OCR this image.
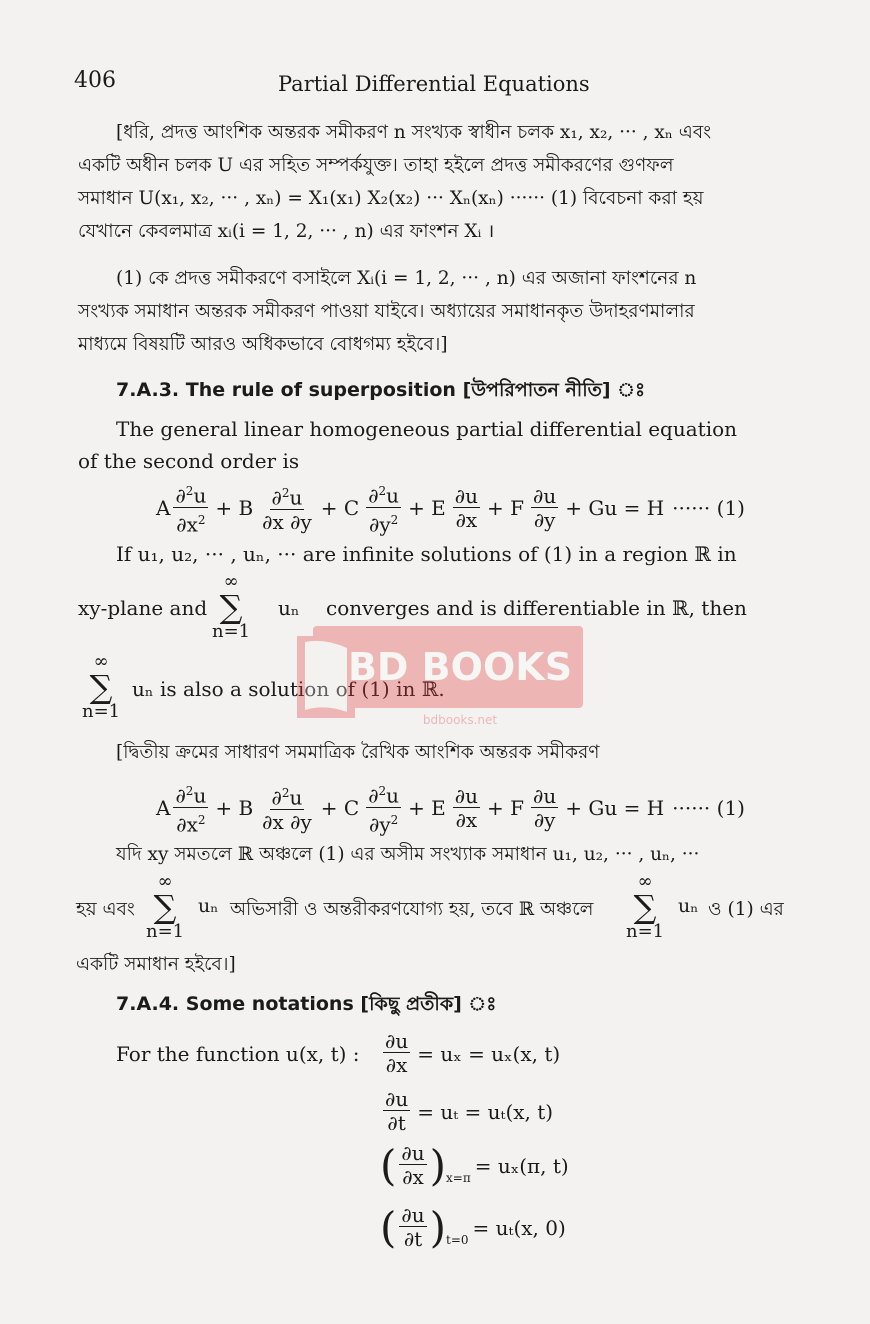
406	Partial Differential Equations

[ধরি, প্রদত্ত আংশিক অন্তরক সমীকরণ n সংখ্যক স্বাধীন চলক x₁, x₂, ··· , xₙ এবং

একটি অধীন চলক U এর সহিত সম্পর্কযুক্ত। তাহা হইলে প্রদত্ত সমীকরণের গুণফল

সমাধান U(x₁, x₂, ··· , xₙ) = X₁(x₁) X₂(x₂) ··· Xₙ(xₙ) ······ (1) বিবেচনা করা হয়

যেখানে কেবলমাত্র xᵢ(i = 1, 2, ··· , n) এর ফাংশন Xᵢ ।

(1) কে প্রদত্ত সমীকরণে বসাইলে Xᵢ(i = 1, 2, ··· , n) এর অজানা ফাংশনের n

সংখ্যক সমাধান অন্তরক সমীকরণ পাওয়া যাইবে। অধ্যায়ের সমাধানকৃত উদাহরণমালার

মাধ্যমে বিষয়টি আরও অধিকভাবে বোধগম্য হইবে।]

7.A.3. The rule of superposition [উপরিপাতন নীতি] ঃ

The general linear homogeneous partial differential equation

of the second order is

A $\frac{\partial^2u}{\partial x^2} + B \frac{\partial^2u}{\partial x \partial y} + C \frac{\partial^2u}{\partial y^2} + E \frac{\partial u}{\partial x} + F \frac{\partial u}{\partial y} + Gu = H$ ······ (1)

If u₁, u₂, ··· , uₙ, ··· are infinite solutions of (1) in a region ℝ in

xy-plane and
∞
∑
n=1
uₙ converges and is differentiable in ℝ, then
∞
∑
n=1
uₙ is also a solution of (1) in ℝ.

[দ্বিতীয় ক্রমের সাধারণ সমমাত্রিক রৈখিক আংশিক অন্তরক সমীকরণ

A $\frac{\partial^2u}{\partial x^2} + B \frac{\partial^2u}{\partial x \partial y} + C \frac{\partial^2u}{\partial y^2} + E \frac{\partial u}{\partial x} + F \frac{\partial u}{\partial y} + Gu = H$ ······ (1)

যদি xy সমতলে ℝ অঞ্চলে (1) এর অসীম সংখ্যাক সমাধান u₁, u₂, ··· , uₙ, ···

হয় এবং
∞
∑
n=1
uₙ অভিসারী ও অন্তরীকরণযোগ্য হয়, তবে ℝ অঞ্চলে
∞
∑
n=1
uₙ ও (1) এর
একটি সমাধান হইবে।]
7.A.4. Some notations [কিছু প্রতীক] ঃ
For the function u(x, t) : $\frac{\partial u}{\partial x} = u_x = u_x(x$, t)
$\frac{\partial u}{\partial t} = u_t = u_t(x$, t)
( $\frac{\partial u}{\partial x}$ ) x=π
= uₓ(π, t)
( $\frac{\partial u}{\partial t}$ ) t=0
= uₜ(x, 0)
BD BOOKS
bdbooks.net
